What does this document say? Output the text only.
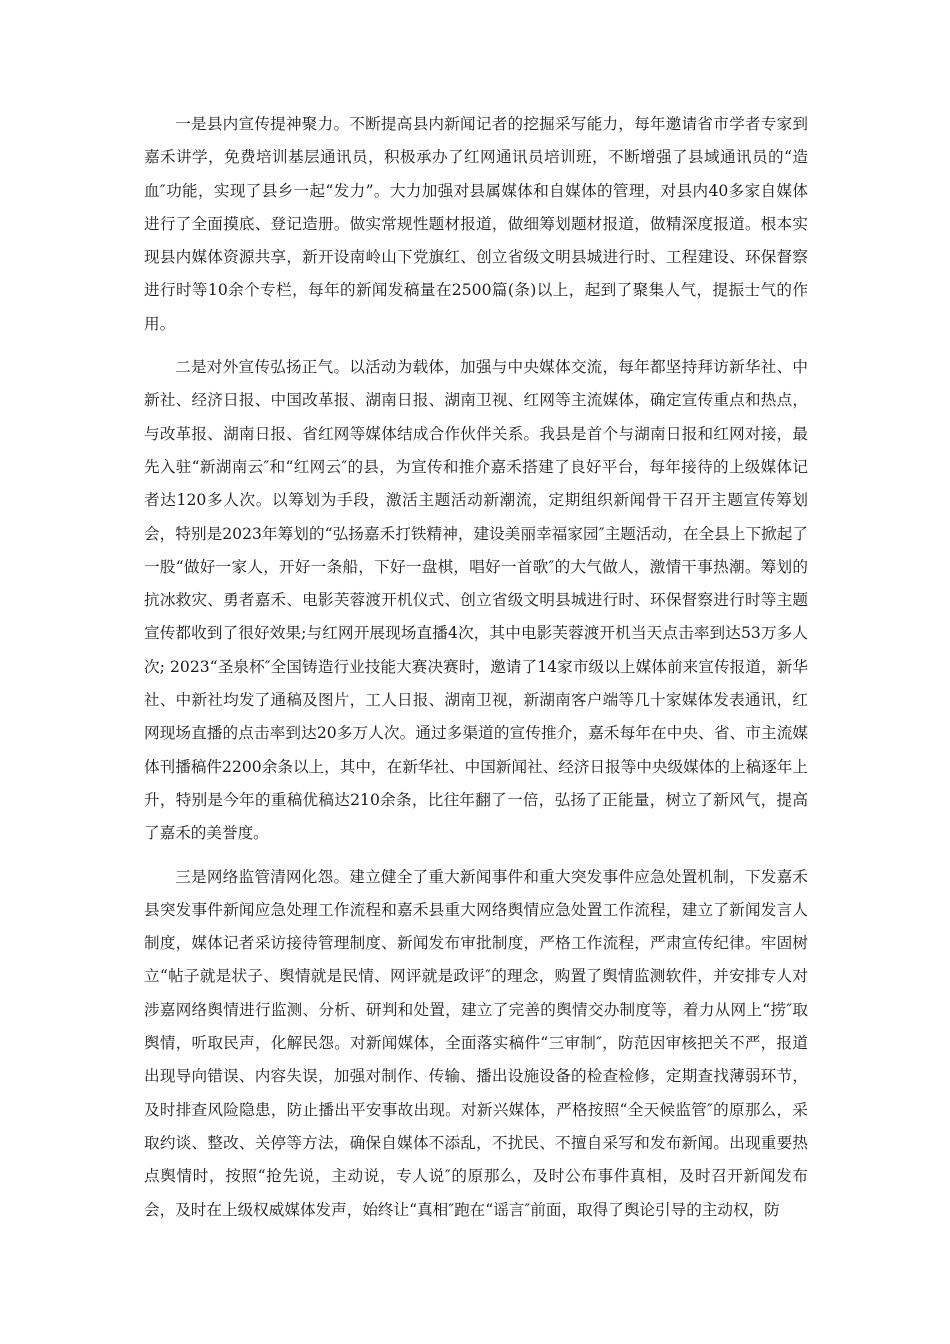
一是县内宣传提神聚力。不断提高县内新闻记者的挖掘采写能力，每年邀请省市学者专家到嘉禾讲学，免费培训基层通讯员，积极承办了红网通讯员培训班，不断增强了县域通讯员的“造血″功能，实现了县乡一起“发力”。大力加强对县属媒体和自媒体的管理，对县内40多家自媒体进行了全面摸底、登记造册。做实常规性题材报道，做细筹划题材报道，做精深度报道。根本实现县内媒体资源共享，新开设南岭山下党旗红、创立省级文明县城进行时、工程建设、环保督察进行时等10余个专栏，每年的新闻发稿量在2500篇(条)以上，起到了聚集人气，提振士气的作用。

二是对外宣传弘扬正气。以活动为载体，加强与中央媒体交流，每年都坚持拜访新华社、中新社、经济日报、中国改革报、湖南日报、湖南卫视、红网等主流媒体，确定宣传重点和热点，与改革报、湖南日报、省红网等媒体结成合作伙伴关系。我县是首个与湖南日报和红网对接，最先入驻“新湖南云″和“红网云″的县，为宣传和推介嘉禾搭建了良好平台，每年接待的上级媒体记者达120多人次。以筹划为手段，激活主题活动新潮流，定期组织新闻骨干召开主题宣传筹划会，特别是2023年筹划的“弘扬嘉禾打铁精神，建设美丽幸福家园″主题活动，在全县上下掀起了一股“做好一家人，开好一条船，下好一盘棋，唱好一首歌″的大气做人，激情干事热潮。筹划的抗冰救灾、勇者嘉禾、电影芙蓉渡开机仪式、创立省级文明县城进行时、环保督察进行时等主题宣传都收到了很好效果;与红网开展现场直播4次，其中电影芙蓉渡开机当天点击率到达53万多人次; 2023“圣泉杯″全国铸造行业技能大赛决赛时，邀请了14家市级以上媒体前来宣传报道，新华社、中新社均发了通稿及图片，工人日报、湖南卫视，新湖南客户端等几十家媒体发表通讯，红网现场直播的点击率到达20多万人次。通过多渠道的宣传推介，嘉禾每年在中央、省、市主流媒体刊播稿件2200余条以上，其中，在新华社、中国新闻社、经济日报等中央级媒体的上稿逐年上升，特别是今年的重稿优稿达210余条，比往年翻了一倍，弘扬了正能量，树立了新风气，提高了嘉禾的美誉度。

三是网络监管清网化怨。建立健全了重大新闻事件和重大突发事件应急处置机制，下发嘉禾县突发事件新闻应急处理工作流程和嘉禾县重大网络舆情应急处置工作流程，建立了新闻发言人制度，媒体记者采访接待管理制度、新闻发布审批制度，严格工作流程，严肃宣传纪律。牢固树立“帖子就是状子、舆情就是民情、网评就是政评″的理念，购置了舆情监测软件，并安排专人对涉嘉网络舆情进行监测、分析、研判和处置，建立了完善的舆情交办制度等，着力从网上“捞″取舆情，听取民声，化解民怨。对新闻媒体，全面落实稿件“三审制″，防范因审核把关不严，报道出现导向错误、内容失误，加强对制作、传输、播出设施设备的检查检修，定期查找薄弱环节，及时排查风险隐患，防止播出平安事故出现。对新兴媒体，严格按照“全天候监管″的原那么，采取约谈、整改、关停等方法，确保自媒体不添乱，不扰民、不擅自采写和发布新闻。出现重要热点舆情时，按照“抢先说，主动说，专人说″的原那么，及时公布事件真相，及时召开新闻发布会，及时在上级权威媒体发声，始终让“真相″跑在“谣言″前面，取得了舆论引导的主动权，防
